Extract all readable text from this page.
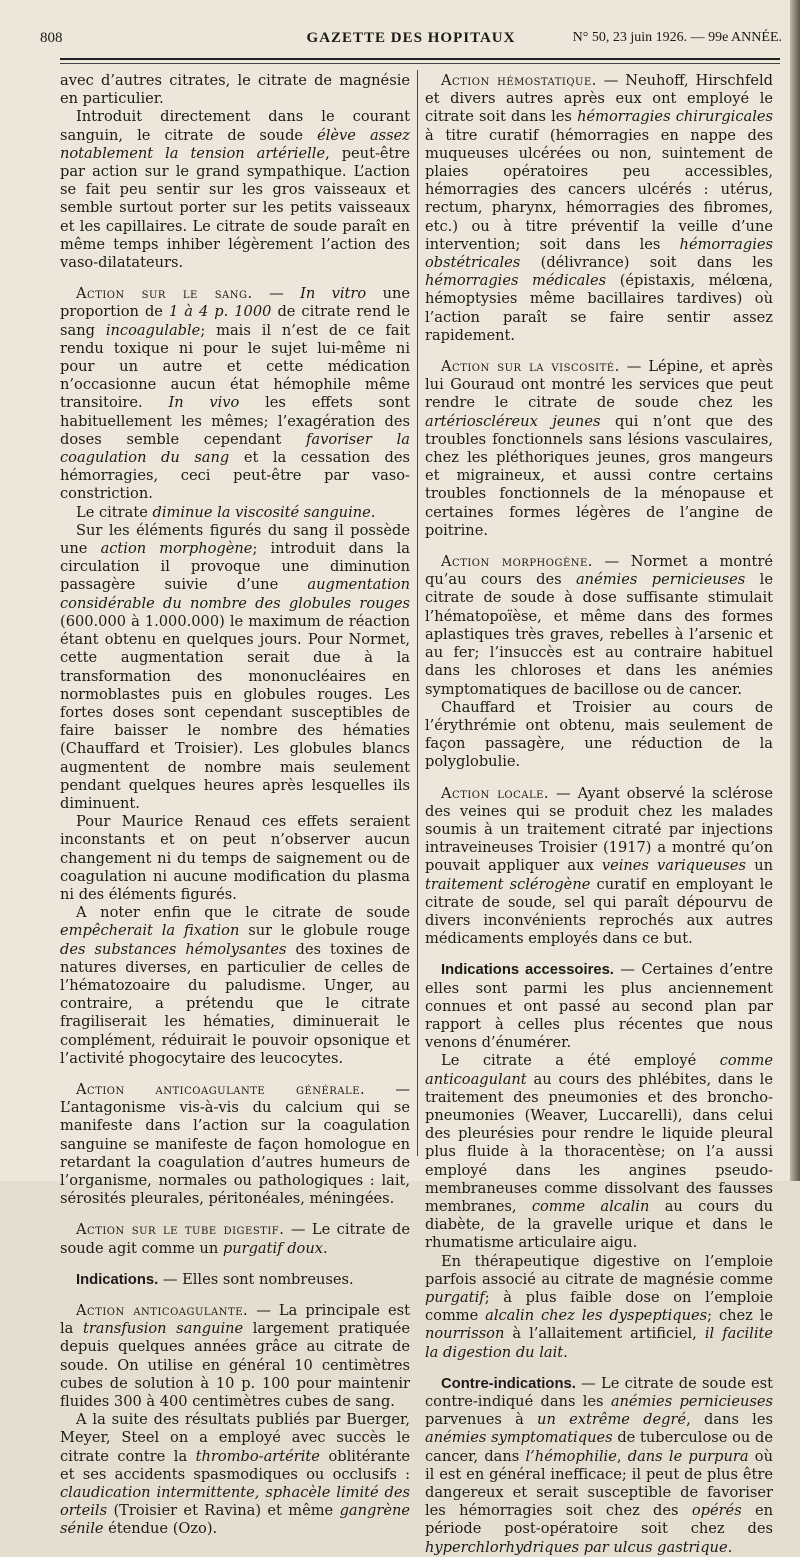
808	GAZETTE DES HOPITAUX	N° 50, 23 juin 1926. — 99e ANNÉE.

avec d’autres citrates, le citrate de magnésie en particulier.

Introduit directement dans le courant sanguin, le citrate de soude élève assez notablement la tension artérielle, peut-être par action sur le grand sympathique. L’action se fait peu sentir sur les gros vaisseaux et semble surtout porter sur les petits vaisseaux et les capillaires. Le citrate de soude paraît en même temps inhiber légèrement l’action des vaso-dilatateurs.

Action sur le sang. — In vitro une proportion de 1 à 4 p. 1000 de citrate rend le sang incoagulable; mais il n’est de ce fait rendu toxique ni pour le sujet lui-même ni pour un autre et cette médication n’occasionne aucun état hémophile même transitoire. In vivo les effets sont habituellement les mêmes; l’exagération des doses semble cependant favoriser la coagulation du sang et la cessation des hémorragies, ceci peut-être par vaso-constriction.

Le citrate diminue la viscosité sanguine.

Sur les éléments figurés du sang il possède une action morphogène; introduit dans la circulation il provoque une diminution passagère suivie d’une augmentation considérable du nombre des globules rouges (600.000 à 1.000.000) le maximum de réaction étant obtenu en quelques jours. Pour Normet, cette augmentation serait due à la transformation des mononucléaires en normoblastes puis en globules rouges. Les fortes doses sont cependant susceptibles de faire baisser le nombre des hématies (Chauffard et Troisier). Les globules blancs augmentent de nombre mais seulement pendant quelques heures après lesquelles ils diminuent.

Pour Maurice Renaud ces effets seraient inconstants et on peut n’observer aucun changement ni du temps de saignement ou de coagulation ni aucune modification du plasma ni des éléments figurés.

A noter enfin que le citrate de soude empêcherait la fixation sur le globule rouge des substances hémolysantes des toxines de natures diverses, en particulier de celles de l’hématozoaire du paludisme. Unger, au contraire, a prétendu que le citrate fragiliserait les hématies, diminuerait le complément, réduirait le pouvoir opsonique et l’activité phogocytaire des leucocytes.

Action anticoagulante générale. — L’antagonisme vis-à-vis du calcium qui se manifeste dans l’action sur la coagulation sanguine se manifeste de façon homologue en retardant la coagulation d’autres humeurs de l’organisme, normales ou pathologiques : lait, sérosités pleurales, péritonéales, méningées.

Action sur le tube digestif. — Le citrate de soude agit comme un purgatif doux.

Indications. — Elles sont nombreuses.

Action anticoagulante. — La principale est la transfusion sanguine largement pratiquée depuis quelques années grâce au citrate de soude. On utilise en général 10 centimètres cubes de solution à 10 p. 100 pour maintenir fluides 300 à 400 centimètres cubes de sang.

A la suite des résultats publiés par Buerger, Meyer, Steel on a employé avec succès le citrate contre la thrombo-artérite oblitérante et ses accidents spasmodiques ou occlusifs : claudication intermittente, sphacèle limité des orteils (Troisier et Ravina) et même gangrène sénile étendue (Ozo).

Action hémostatique. — Neuhoff, Hirschfeld et divers autres après eux ont employé le citrate soit dans les hémorragies chirurgicales à titre curatif (hémorragies en nappe des muqueuses ulcérées ou non, suintement de plaies opératoires peu accessibles, hémorragies des cancers ulcérés : utérus, rectum, pharynx, hémorragies des fibromes, etc.) ou à titre préventif la veille d’une intervention; soit dans les hémorragies obstétricales (délivrance) soit dans les hémorragies médicales (épistaxis, mélœna, hémoptysies même bacillaires tardives) où l’action paraît se faire sentir assez rapidement.

Action sur la viscosité. — Lépine, et après lui Gouraud ont montré les services que peut rendre le citrate de soude chez les artérioscléreux jeunes qui n’ont que des troubles fonctionnels sans lésions vasculaires, chez les pléthoriques jeunes, gros mangeurs et migraineux, et aussi contre certains troubles fonctionnels de la ménopause et certaines formes légères de l’angine de poitrine.

Action morphogène. — Normet a montré qu’au cours des anémies pernicieuses le citrate de soude à dose suffisante stimulait l’hématopoïèse, et même dans des formes aplastiques très graves, rebelles à l’arsenic et au fer; l’insuccès est au contraire habituel dans les chloroses et dans les anémies symptomatiques de bacillose ou de cancer.

Chauffard et Troisier au cours de l’érythrémie ont obtenu, mais seulement de façon passagère, une réduction de la polyglobulie.

Action locale. — Ayant observé la sclérose des veines qui se produit chez les malades soumis à un traitement citraté par injections intraveineuses Troisier (1917) a montré qu’on pouvait appliquer aux veines variqueuses un traitement sclérogène curatif en employant le citrate de soude, sel qui paraît dépourvu de divers inconvénients reprochés aux autres médicaments employés dans ce but.

Indications accessoires. — Certaines d’entre elles sont parmi les plus anciennement connues et ont passé au second plan par rapport à celles plus récentes que nous venons d’énumérer.

Le citrate a été employé comme anticoagulant au cours des phlébites, dans le traitement des pneumonies et des broncho-pneumonies (Weaver, Luccarelli), dans celui des pleurésies pour rendre le liquide pleural plus fluide à la thoracentèse; on l’a aussi employé dans les angines pseudo-membraneuses comme dissolvant des fausses membranes, comme alcalin au cours du diabète, de la gravelle urique et dans le rhumatisme articulaire aigu.

En thérapeutique digestive on l’emploie parfois associé au citrate de magnésie comme purgatif; à plus faible dose on l’emploie comme alcalin chez les dyspeptiques; chez le nourrisson à l’allaitement artificiel, il facilite la digestion du lait.

Contre-indications. — Le citrate de soude est contre-indiqué dans les anémies pernicieuses parvenues à un extrême degré, dans les anémies symptomatiques de tuberculose ou de cancer, dans l’hémophilie, dans le purpura où il est en général inefficace; il peut de plus être dangereux et serait susceptible de favoriser les hémorragies soit chez des opérés en période post-opératoire soit chez des hyperchlorhydriques par ulcus gastrique.
